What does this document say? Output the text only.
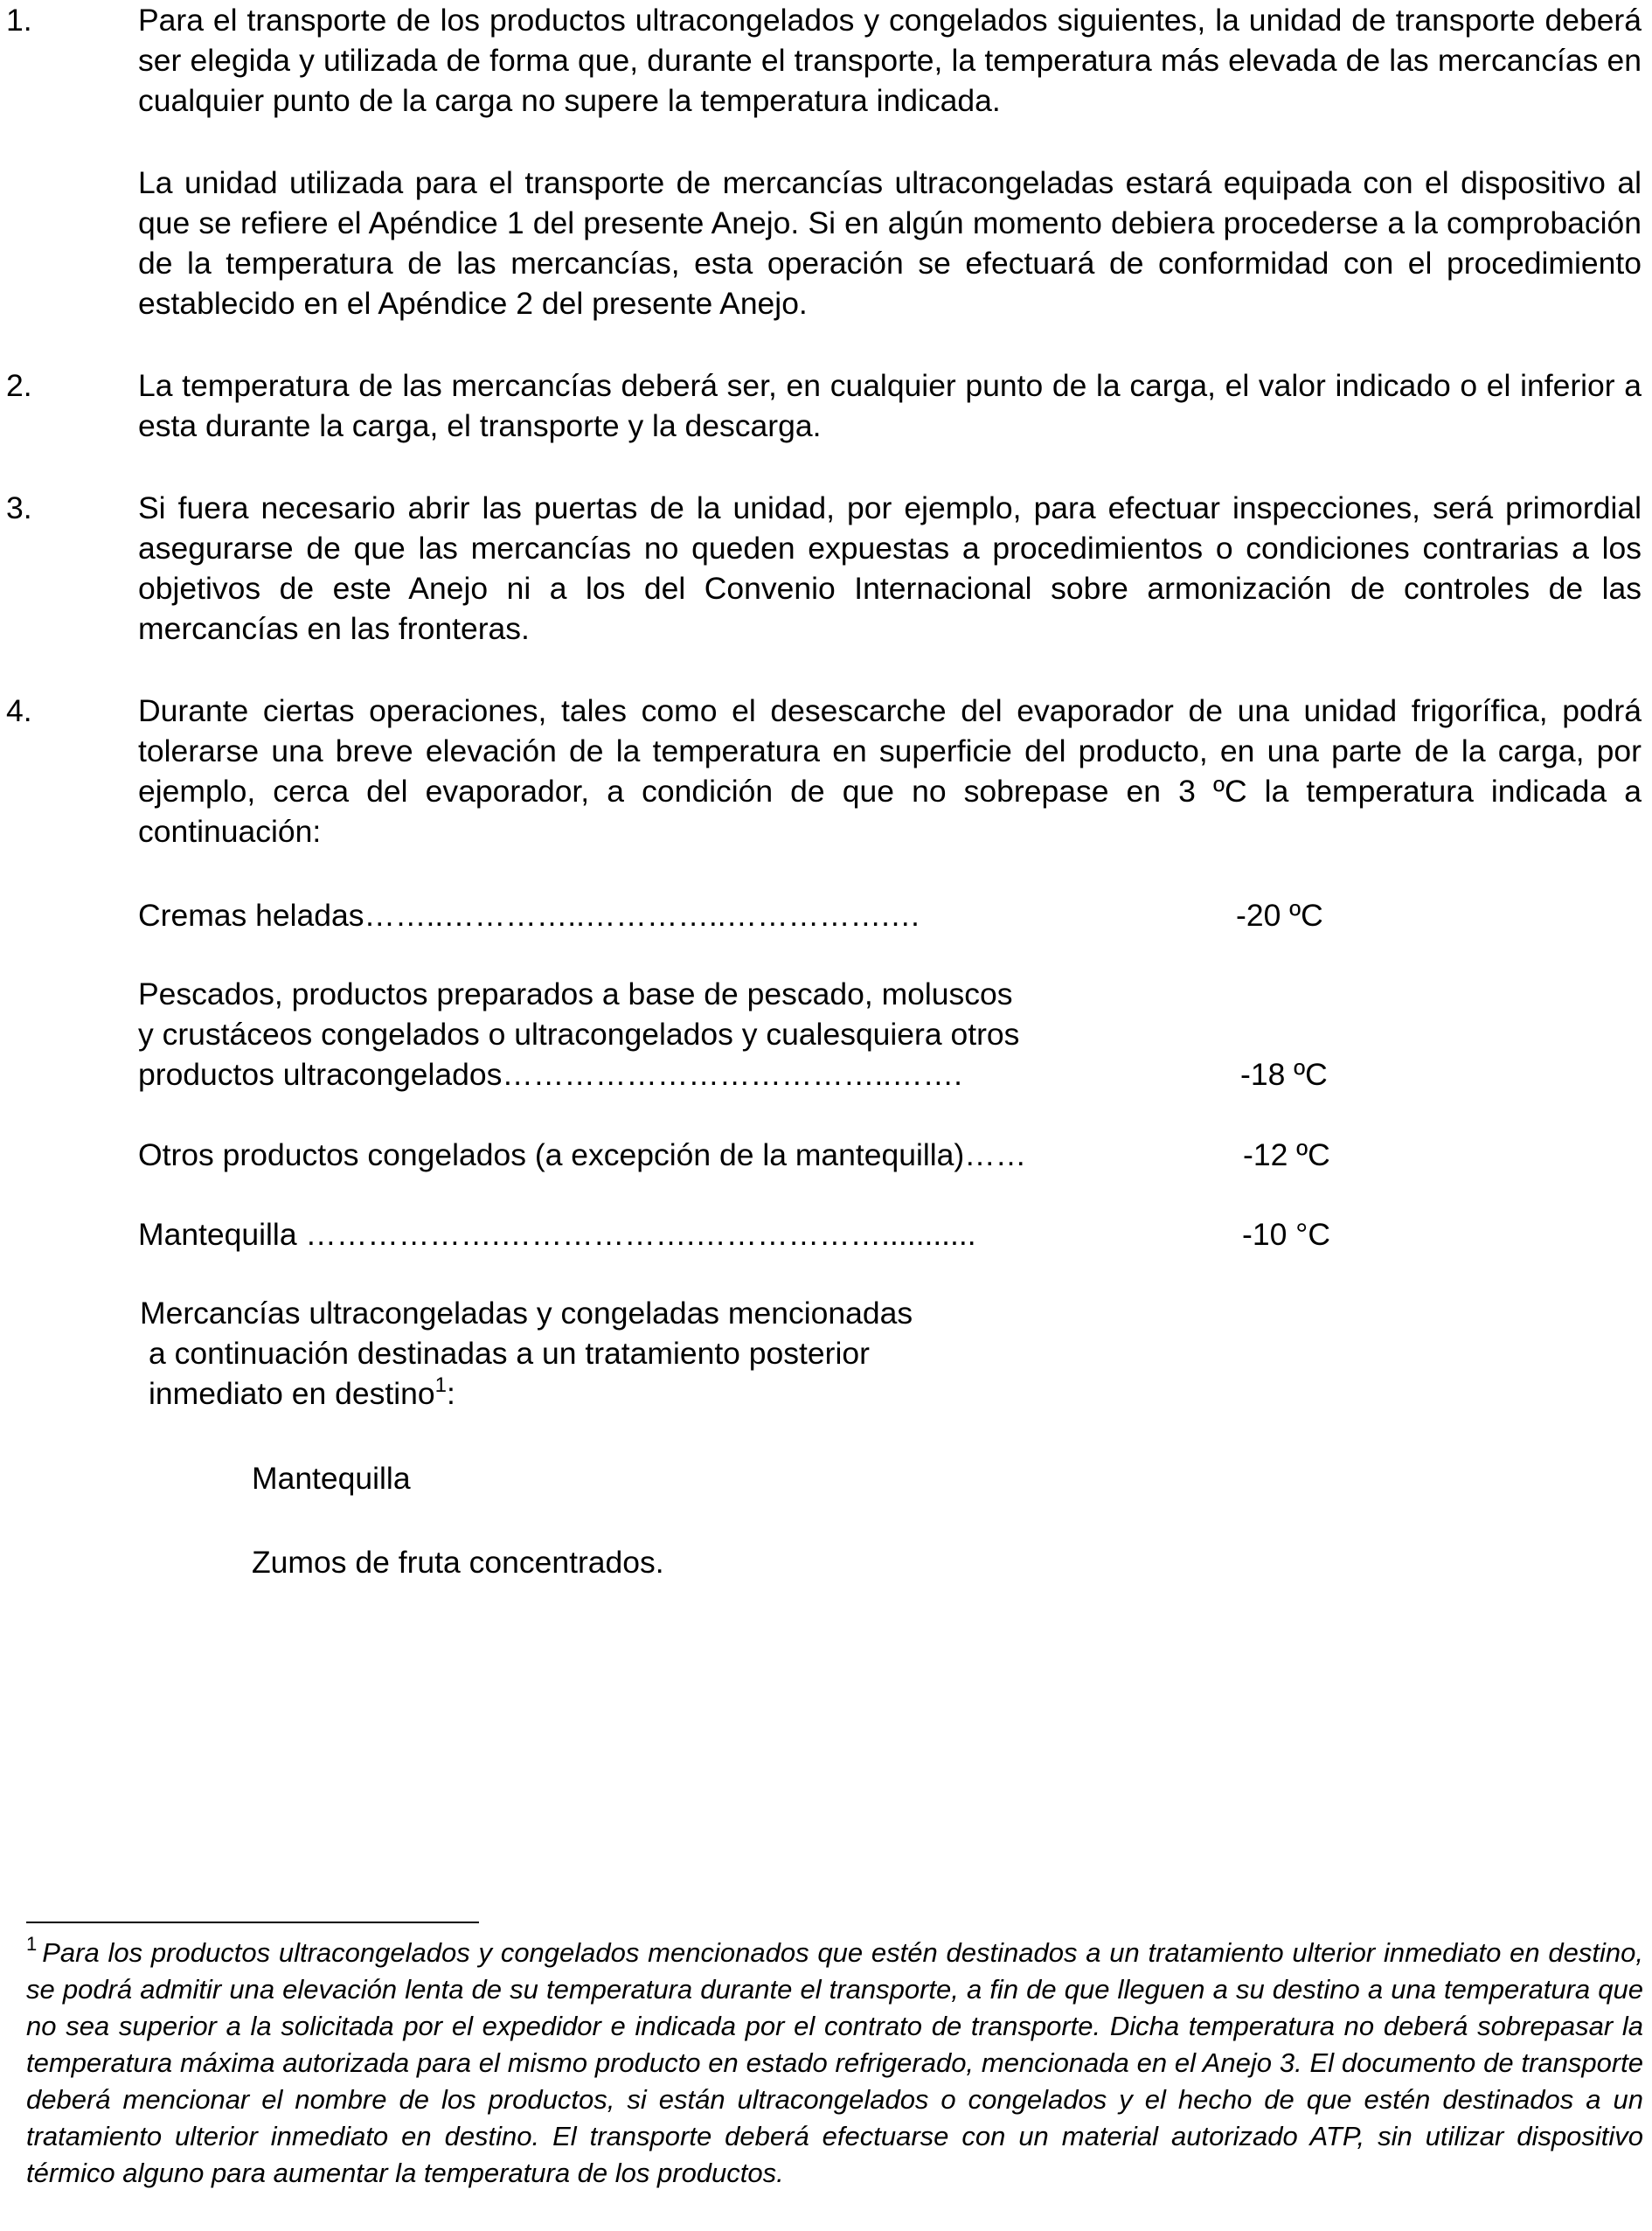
1.	Para el transporte de los productos ultracongelados y congelados siguientes, la unidad de transporte deberá ser elegida y utilizada de forma que, durante el transporte, la temperatura más elevada de las mercancías en cualquier punto de la carga no supere la temperatura indicada.

La unidad utilizada para el transporte de mercancías ultracongeladas estará equipada con el dispositivo al que se refiere el Apéndice 1 del presente Anejo. Si en algún momento debiera procederse a la comprobación de la temperatura de las mercancías, esta operación se efectuará de conformidad con el procedimiento establecido en el Apéndice 2 del presente Anejo.

2.	La temperatura de las mercancías deberá ser, en cualquier punto de la carga, el valor indicado o el inferior a esta durante la carga, el transporte y la descarga.

3.	Si fuera necesario abrir las puertas de la unidad, por ejemplo, para efectuar inspecciones, será primordial asegurarse de que las mercancías no queden expuestas a procedimientos o condiciones contrarias a los objetivos de este Anejo ni a los del Convenio Internacional sobre armonización de controles de las mercancías en las fronteras.

4.	Durante ciertas operaciones, tales como el desescarche del evaporador de una unidad frigorífica, podrá tolerarse una breve elevación de la temperatura en superficie del producto, en una parte de la carga, por ejemplo, cerca del evaporador, a condición de que no sobrepase en 3 ºC la temperatura indicada a continuación:

Cremas heladas……..…………..…………..…………….…	-20 ºC
Pescados, productos preparados a base de pescado, moluscos
y crustáceos congelados o ultracongelados y cualesquiera otros
productos ultracongelados………………………………..…….	-18 ºC
Otros productos congelados (a excepción de la mantequilla)……	-12 ºC
Mantequilla ……………….……………….………………...........	-10 °C
Mercancías ultracongeladas y congeladas mencionadas
a continuación destinadas a un tratamiento posterior
inmediato en destino$^1$:
Mantequilla
Zumos de fruta concentrados.

$^1$ Para los productos ultracongelados y congelados mencionados que estén destinados a un tratamiento ulterior inmediato en destino, se podrá admitir una elevación lenta de su temperatura durante el transporte, a fin de que lleguen a su destino a una temperatura que no sea superior a la solicitada por el expedidor e indicada por el contrato de transporte. Dicha temperatura no deberá sobrepasar la temperatura máxima autorizada para el mismo producto en estado refrigerado, mencionada en el Anejo 3. El documento de transporte deberá mencionar el nombre de los productos, si están ultracongelados o congelados y el hecho de que estén destinados a un tratamiento ulterior inmediato en destino. El transporte deberá efectuarse con un material autorizado ATP, sin utilizar dispositivo térmico alguno para aumentar la temperatura de los productos.
